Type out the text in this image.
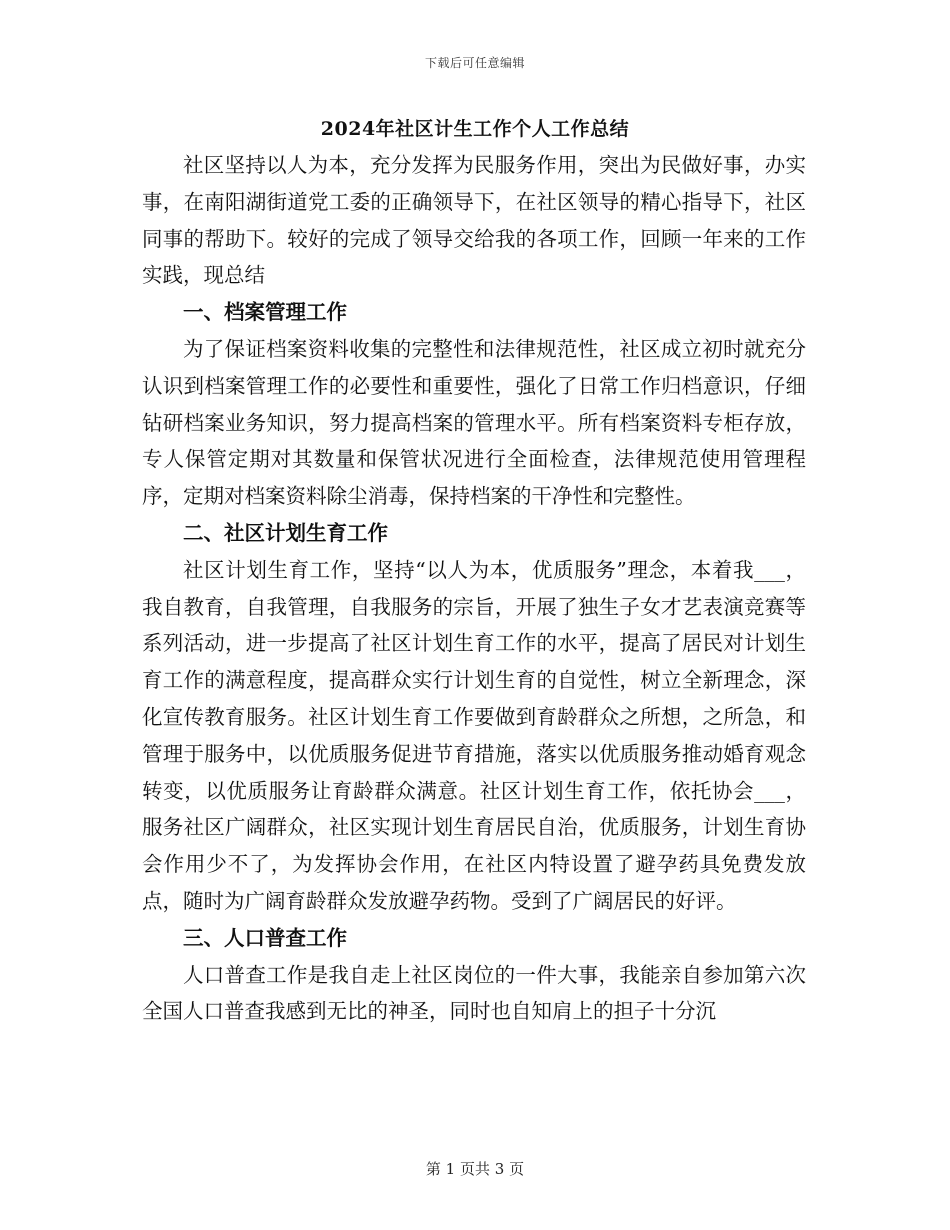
下载后可任意编辑
2024年社区计生工作个人工作总结

社区坚持以人为本，充分发挥为民服务作用，突出为民做好事，办实事，在南阳湖街道党工委的正确领导下，在社区领导的精心指导下，社区同事的帮助下。较好的完成了领导交给我的各项工作，回顾一年来的工作实践，现总结

一、档案管理工作

为了保证档案资料收集的完整性和法律规范性，社区成立初时就充分认识到档案管理工作的必要性和重要性，强化了日常工作归档意识，仔细钻研档案业务知识，努力提高档案的管理水平。所有档案资料专柜存放，专人保管定期对其数量和保管状况进行全面检查，法律规范使用管理程序，定期对档案资料除尘消毒，保持档案的干净性和完整性。

二、社区计划生育工作

社区计划生育工作，坚持“以人为本，优质服务”理念，本着我___，我自教育，自我管理，自我服务的宗旨，开展了独生子女才艺表演竞赛等系列活动，进一步提高了社区计划生育工作的水平，提高了居民对计划生育工作的满意程度，提高群众实行计划生育的自觉性，树立全新理念，深化宣传教育服务。社区计划生育工作要做到育龄群众之所想，之所急，和管理于服务中，以优质服务促进节育措施，落实以优质服务推动婚育观念转变，以优质服务让育龄群众满意。社区计划生育工作，依托协会___，服务社区广阔群众，社区实现计划生育居民自治，优质服务，计划生育协会作用少不了，为发挥协会作用，在社区内特设置了避孕药具免费发放点，随时为广阔育龄群众发放避孕药物。受到了广阔居民的好评。

三、人口普查工作

人口普查工作是我自走上社区岗位的一件大事，我能亲自参加第六次全国人口普查我感到无比的神圣，同时也自知肩上的担子十分沉

第 1 页共 3 页
